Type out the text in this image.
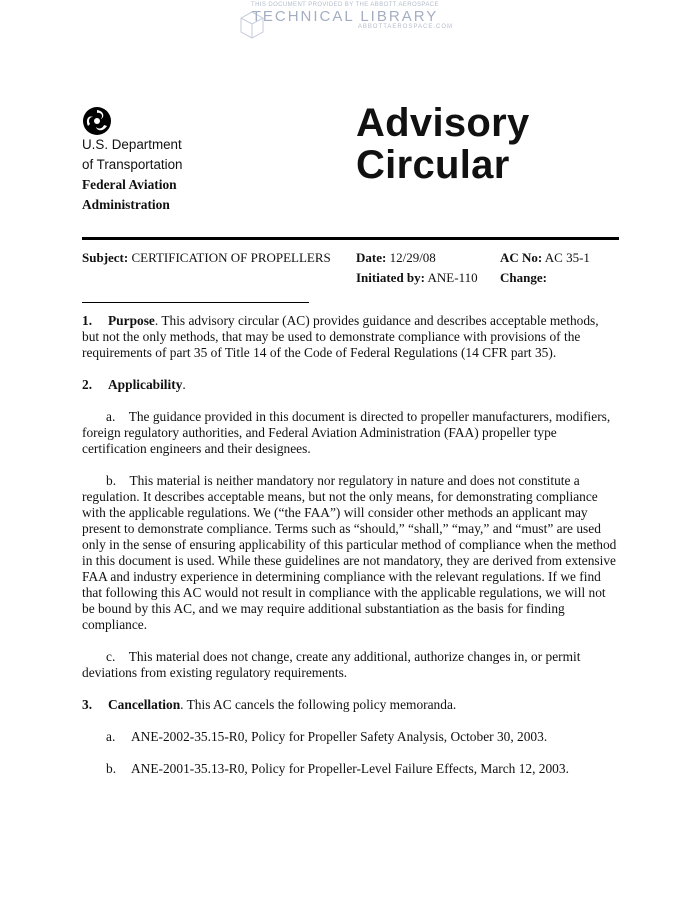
THIS DOCUMENT PROVIDED BY THE ABBOTT AEROSPACE
TECHNICAL LIBRARY
ABBOTTAEROSPACE.COM
U.S. Department
of Transportation
Federal Aviation
Administration
Advisory
Circular
Subject: CERTIFICATION OF PROPELLERS Date: 12/29/08	AC No: AC 35-1
Initiated by: ANE-110 Change:

1. Purpose. This advisory circular (AC) provides guidance and describes acceptable methods, but not the only methods, that may be used to demonstrate compliance with provisions of the requirements of part 35 of Title 14 of the Code of Federal Regulations (14 CFR part 35).

2. Applicability.

a. The guidance provided in this document is directed to propeller manufacturers, modifiers, foreign regulatory authorities, and Federal Aviation Administration (FAA) propeller type certification engineers and their designees.

b. This material is neither mandatory nor regulatory in nature and does not constitute a regulation. It describes acceptable means, but not the only means, for demonstrating compliance with the applicable regulations. We (“the FAA”) will consider other methods an applicant may present to demonstrate compliance. Terms such as “should,” “shall,” “may,” and “must” are used only in the sense of ensuring applicability of this particular method of compliance when the method in this document is used. While these guidelines are not mandatory, they are derived from extensive FAA and industry experience in determining compliance with the relevant regulations. If we find that following this AC would not result in compliance with the applicable regulations, we will not be bound by this AC, and we may require additional substantiation as the basis for finding compliance.

c. This material does not change, create any additional, authorize changes in, or permit deviations from existing regulatory requirements.

3. Cancellation. This AC cancels the following policy memoranda.

a. ANE-2002-35.15-R0, Policy for Propeller Safety Analysis, October 30, 2003.

b. ANE-2001-35.13-R0, Policy for Propeller-Level Failure Effects, March 12, 2003.
